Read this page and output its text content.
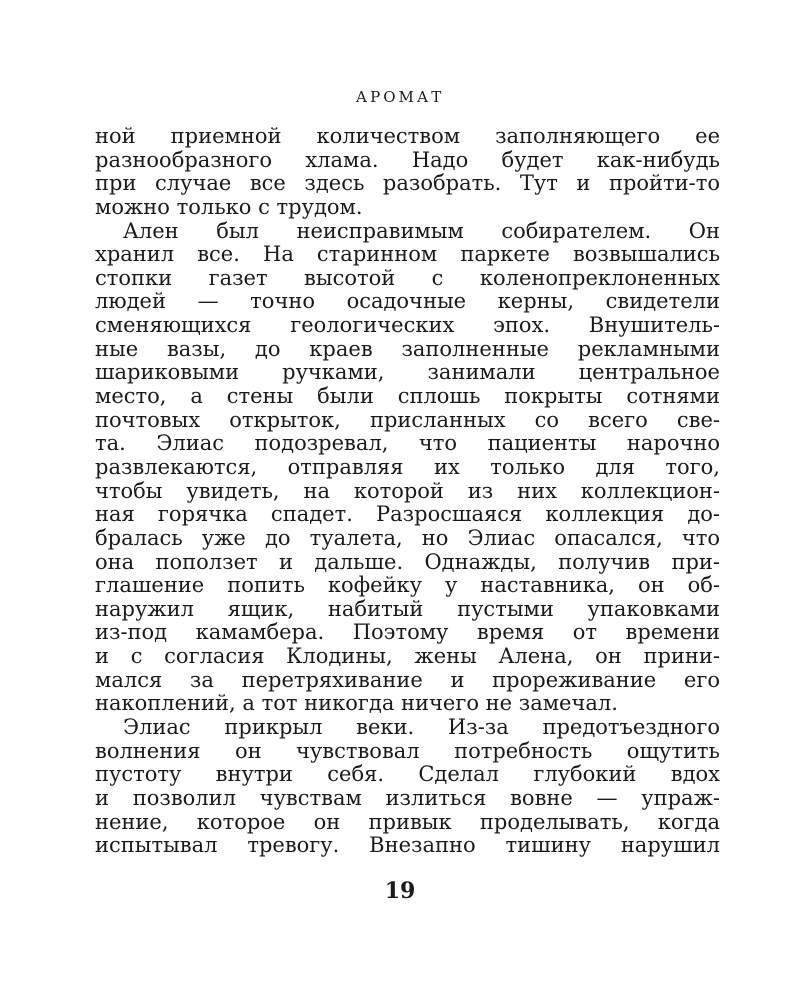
АРОМАТ
ной приемной количеством заполняющего ее
разнообразного хлама. Надо будет как-нибудь
при случае все здесь разобрать. Тут и пройти-то
можно только с трудом.
Ален был неисправимым собирателем. Он
хранил все. На старинном паркете возвышались
стопки газет высотой с коленопреклоненных
людей — точно осадочные керны, свидетели
сменяющихся геологических эпох. Внушитель-
ные вазы, до краев заполненные рекламными
шариковыми ручками, занимали центральное
место, а стены были сплошь покрыты сотнями
почтовых открыток, присланных со всего све-
та. Элиас подозревал, что пациенты нарочно
развлекаются, отправляя их только для того,
чтобы увидеть, на которой из них коллекцион-
ная горячка спадет. Разросшаяся коллекция до-
бралась уже до туалета, но Элиас опасался, что
она поползет и дальше. Однажды, получив при-
глашение попить кофейку у наставника, он об-
наружил ящик, набитый пустыми упаковками
из-под камамбера. Поэтому время от времени
и с согласия Клодины, жены Алена, он прини-
мался за перетряхивание и прореживание его
накоплений, а тот никогда ничего не замечал.
Элиас прикрыл веки. Из-за предотъездного
волнения он чувствовал потребность ощутить
пустоту внутри себя. Сделал глубокий вдох
и позволил чувствам излиться вовне — упраж-
нение, которое он привык проделывать, когда
испытывал тревогу. Внезапно тишину нарушил
19
